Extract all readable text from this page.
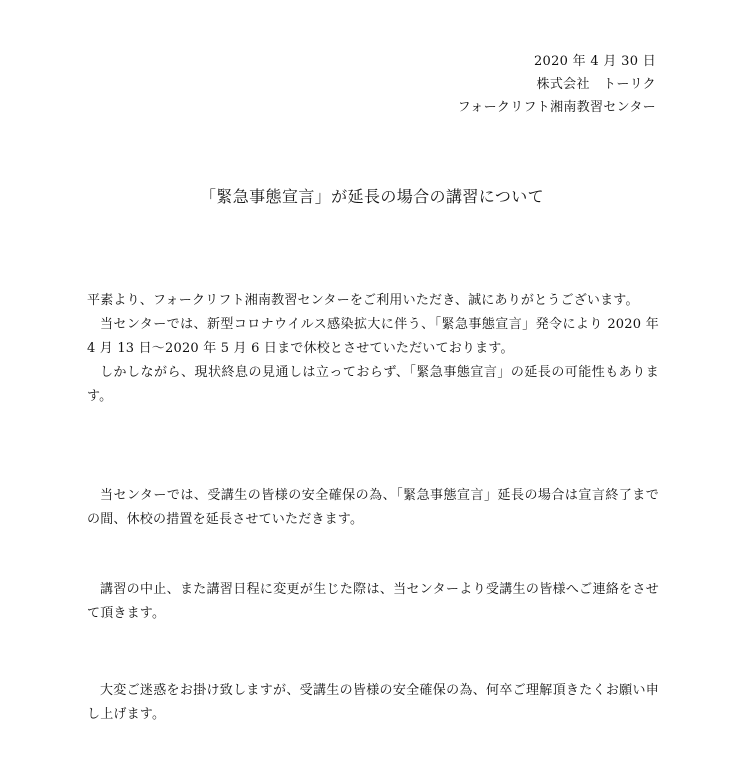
2020 年 4 月 30 日
株式会社　トーリク
フォークリフト湘南教習センター
「緊急事態宣言」が延長の場合の講習について
平素より、フォークリフト湘南教習センターをご利用いただき、誠にありがとうございます。
当センターでは、新型コロナウイルス感染拡大に伴う、「緊急事態宣言」発令により 2020 年 4 月 13 日～2020 年 5 月 6 日まで休校とさせていただいております。
しかしながら、現状終息の見通しは立っておらず、「緊急事態宣言」の延長の可能性もあります。
当センターでは、受講生の皆様の安全確保の為、「緊急事態宣言」延長の場合は宣言終了までの間、休校の措置を延長させていただきます。
講習の中止、また講習日程に変更が生じた際は、当センターより受講生の皆様へご連絡をさせて頂きます。
大変ご迷惑をお掛け致しますが、受講生の皆様の安全確保の為、何卒ご理解頂きたくお願い申し上げます。
